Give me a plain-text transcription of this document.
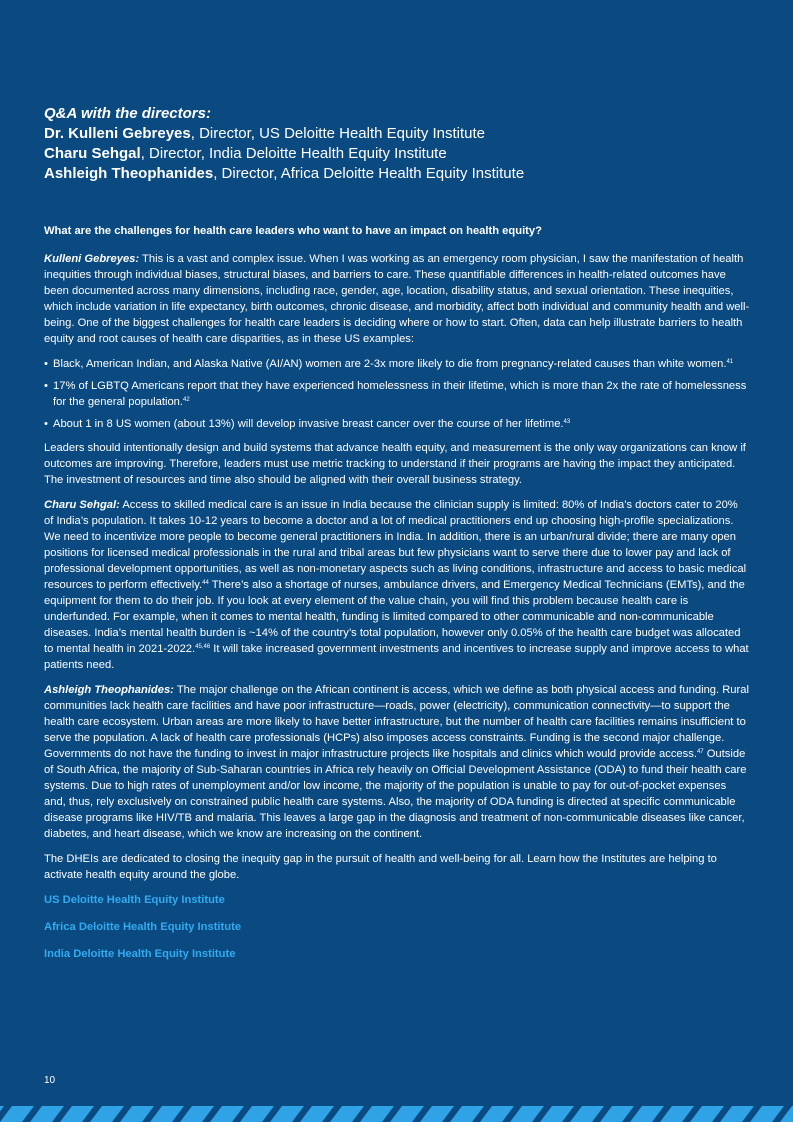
Q&A with the directors:
Dr. Kulleni Gebreyes, Director, US Deloitte Health Equity Institute
Charu Sehgal, Director, India Deloitte Health Equity Institute
Ashleigh Theophanides, Director, Africa Deloitte Health Equity Institute
What are the challenges for health care leaders who want to have an impact on health equity?

Kulleni Gebreyes: This is a vast and complex issue. When I was working as an emergency room physician, I saw the manifestation of health inequities through individual biases, structural biases, and barriers to care. These quantifiable differences in health-related outcomes have been documented across many dimensions, including race, gender, age, location, disability status, and sexual orientation. These inequities, which include variation in life expectancy, birth outcomes, chronic disease, and morbidity, affect both individual and community health and well-being. One of the biggest challenges for health care leaders is deciding where or how to start. Often, data can help illustrate barriers to health equity and root causes of health care disparities, as in these US examples:

• Black, American Indian, and Alaska Native (AI/AN) women are 2-3x more likely to die from pregnancy-related causes than white women.$^{41}$
• 17% of LGBTQ Americans report that they have experienced homelessness in their lifetime, which is more than 2x the rate of homelessness for the general population.$^{42}$
• About 1 in 8 US women (about 13%) will develop invasive breast cancer over the course of her lifetime.$^{43}$

Leaders should intentionally design and build systems that advance health equity, and measurement is the only way organizations can know if outcomes are improving. Therefore, leaders must use metric tracking to understand if their programs are having the impact they anticipated. The investment of resources and time also should be aligned with their overall business strategy.

Charu Sehgal: Access to skilled medical care is an issue in India because the clinician supply is limited: 80% of India’s doctors cater to 20% of India’s population. It takes 10-12 years to become a doctor and a lot of medical practitioners end up choosing high-profile specializations. We need to incentivize more people to become general practitioners in India. In addition, there is an urban/rural divide; there are many open positions for licensed medical professionals in the rural and tribal areas but few physicians want to serve there due to lower pay and lack of professional development opportunities, as well as non-monetary aspects such as living conditions, infrastructure and access to basic medical resources to perform effectively.$^{44}$ There’s also a shortage of nurses, ambulance drivers, and Emergency Medical Technicians (EMTs), and the equipment for them to do their job. If you look at every element of the value chain, you will find this problem because health care is underfunded. For example, when it comes to mental health, funding is limited compared to other communicable and non-communicable diseases. India’s mental health burden is ~14% of the country’s total population, however only 0.05% of the health care budget was allocated to mental health in 2021-2022.$^{45,46}$ It will take increased government investments and incentives to increase supply and improve access to what patients need.

Ashleigh Theophanides: The major challenge on the African continent is access, which we define as both physical access and funding. Rural communities lack health care facilities and have poor infrastructure—roads, power (electricity), communication connectivity—to support the health care ecosystem. Urban areas are more likely to have better infrastructure, but the number of health care facilities remains insufficient to serve the population. A lack of health care professionals (HCPs) also imposes access constraints. Funding is the second major challenge. Governments do not have the funding to invest in major infrastructure projects like hospitals and clinics which would provide access.$^{47}$ Outside of South Africa, the majority of Sub-Saharan countries in Africa rely heavily on Official Development Assistance (ODA) to fund their health care systems. Due to high rates of unemployment and/or low income, the majority of the population is unable to pay for out-of-pocket expenses and, thus, rely exclusively on constrained public health care systems. Also, the majority of ODA funding is directed at specific communicable disease programs like HIV/TB and malaria. This leaves a large gap in the diagnosis and treatment of non-communicable diseases like cancer, diabetes, and heart disease, which we know are increasing on the continent.

The DHEIs are dedicated to closing the inequity gap in the pursuit of health and well-being for all. Learn how the Institutes are helping to activate health equity around the globe.

US Deloitte Health Equity Institute
Africa Deloitte Health Equity Institute
India Deloitte Health Equity Institute
10
